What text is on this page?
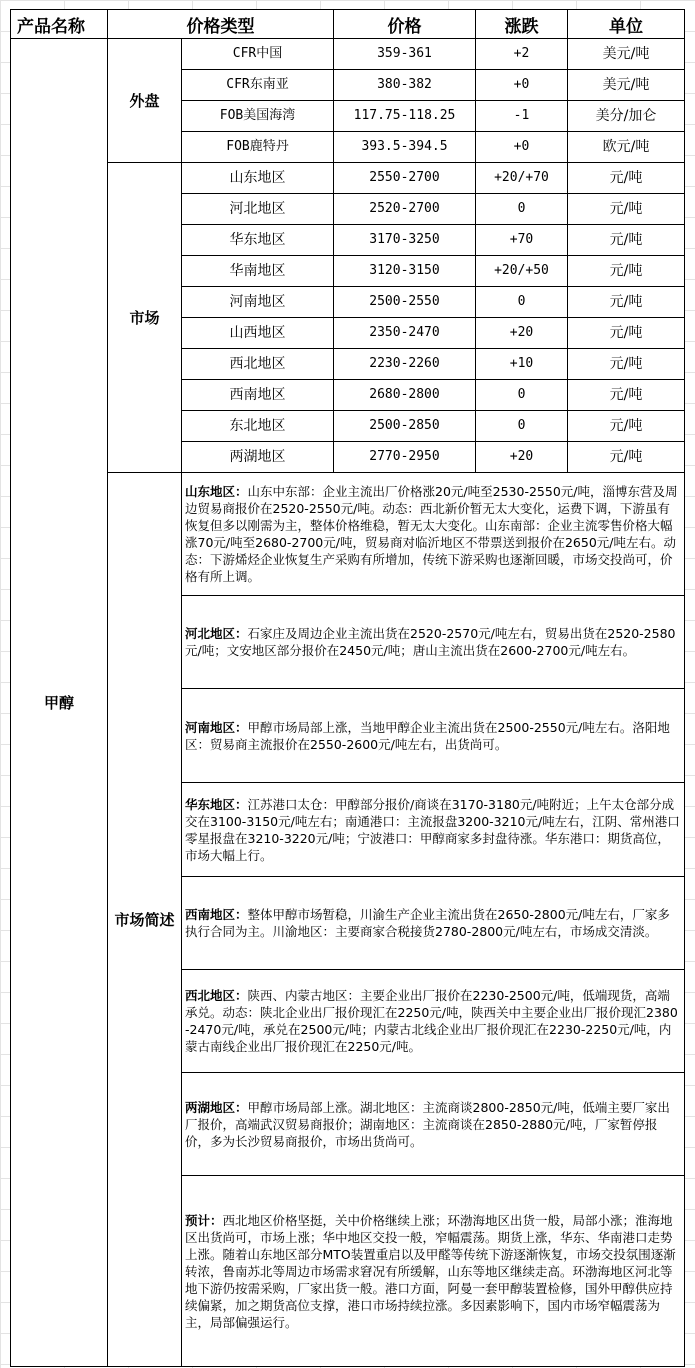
产品名称	价格类型		价格	涨跌	单位
甲醇	外盘	CFR中国	359-361	+2	美元/吨
		CFR东南亚	380-382	+0	美元/吨
		FOB美国海湾	117.75-118.25	-1	美分/加仑
		FOB鹿特丹	393.5-394.5	+0	欧元/吨
	市场	山东地区	2550-2700	+20/+70	元/吨
		河北地区	2520-2700	0	元/吨
		华东地区	3170-3250	+70	元/吨
		华南地区	3120-3150	+20/+50	元/吨
		河南地区	2500-2550	0	元/吨
		山西地区	2350-2470	+20	元/吨
		西北地区	2230-2260	+10	元/吨
		西南地区	2680-2800	0	元/吨
		东北地区	2500-2850	0	元/吨
		两湖地区	2770-2950	+20	元/吨
	市场简述	山东地区：山东中东部：企业主流出厂价格涨20元/吨至2530-2550元/吨，淄博东营及周边贸易商报价在2520-2550元/吨。动态：西北新价暂无太大变化，运费下调，下游虽有恢复但多以刚需为主，整体价格维稳，暂无太大变化。山东南部：企业主流零售价格大幅涨70元/吨至2680-2700元/吨，贸易商对临沂地区不带票送到报价在2650元/吨左右。动态：下游烯烃企业恢复生产采购有所增加，传统下游采购也逐渐回暖，市场交投尚可，价格有所上调。			
		河北地区：石家庄及周边企业主流出货在2520-2570元/吨左右，贸易出货在2520-2580元/吨；文安地区部分报价在2450元/吨；唐山主流出货在2600-2700元/吨左右。			
		河南地区：甲醇市场局部上涨，当地甲醇企业主流出货在2500-2550元/吨左右。洛阳地区：贸易商主流报价在2550-2600元/吨左右，出货尚可。			
		华东地区：江苏港口太仓：甲醇部分报价/商谈在3170-3180元/吨附近；上午太仓部分成交在3100-3150元/吨左右；南通港口：主流报盘3200-3210元/吨左右，江阴、常州港口零星报盘在3210-3220元/吨；宁波港口：甲醇商家多封盘待涨。华东港口：期货高位，市场大幅上行。			
		西南地区：整体甲醇市场暂稳，川渝生产企业主流出货在2650-2800元/吨左右，厂家多执行合同为主。川渝地区：主要商家合税接货2780-2800元/吨左右，市场成交清淡。			
		西北地区：陕西、内蒙古地区：主要企业出厂报价在2230-2500元/吨，低端现货，高端承兑。动态：陕北企业出厂报价现汇在2250元/吨，陕西关中主要企业出厂报价现汇2380-2470元/吨，承兑在2500元/吨；内蒙古北线企业出厂报价现汇在2230-2250元/吨，内蒙古南线企业出厂报价现汇在2250元/吨。			
		两湖地区：甲醇市场局部上涨。湖北地区：主流商谈2800-2850元/吨，低端主要厂家出厂报价，高端武汉贸易商报价；湖南地区：主流商谈在2850-2880元/吨，厂家暂停报价，多为长沙贸易商报价，市场出货尚可。			
		预计：西北地区价格坚挺，关中价格继续上涨；环渤海地区出货一般，局部小涨；淮海地区出货尚可，市场上涨；华中地区交投一般，窄幅震荡。期货上涨，华东、华南港口走势上涨。随着山东地区部分MTO装置重启以及甲醛等传统下游逐渐恢复，市场交投氛围逐渐转浓，鲁南苏北等周边市场需求窘况有所缓解，山东等地区继续走高。环渤海地区河北等地下游仍按需采购，厂家出货一般。港口方面，阿曼一套甲醇装置检修，国外甲醇供应持续偏紧，加之期货高位支撑，港口市场持续拉涨。多因素影响下，国内市场窄幅震荡为主，局部偏强运行。			
